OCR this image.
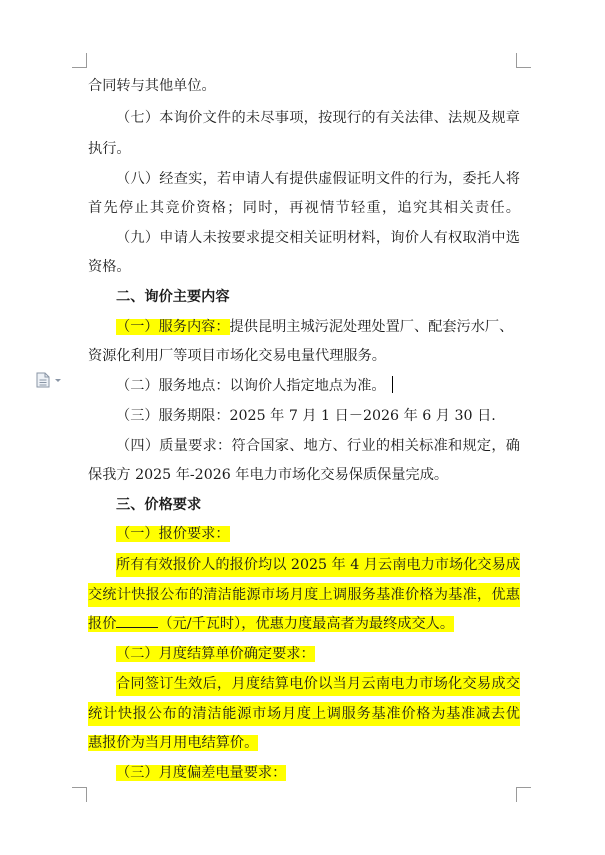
合同转与其他单位。
（七）本询价文件的未尽事项，按现行的有关法律、法规及规章
执行。
（八）经查实，若申请人有提供虚假证明文件的行为，委托人将
首先停止其竞价资格；同时，再视情节轻重，追究其相关责任。
（九）申请人未按要求提交相关证明材料，询价人有权取消中选
资格。
二、询价主要内容
（一）服务内容：提供昆明主城污泥处理处置厂、配套污水厂、
资源化利用厂等项目市场化交易电量代理服务。
（二）服务地点：以询价人指定地点为准。
（三）服务期限：2025 年 7 月 1 日－2026 年 6 月 30 日.
（四）质量要求：符合国家、地方、行业的相关标准和规定，确
保我方 2025 年-2026 年电力市场化交易保质保量完成。
三、价格要求
（一）报价要求：
所有有效报价人的报价均以 2025 年 4 月云南电力市场化交易成
交统计快报公布的清洁能源市场月度上调服务基准价格为基准，优惠
报价	（元/千瓦时），优惠力度最高者为最终成交人。
（二）月度结算单价确定要求：
合同签订生效后，月度结算电价以当月云南电力市场化交易成交
统计快报公布的清洁能源市场月度上调服务基准价格为基准减去优
惠报价为当月用电结算价。
（三）月度偏差电量要求：
